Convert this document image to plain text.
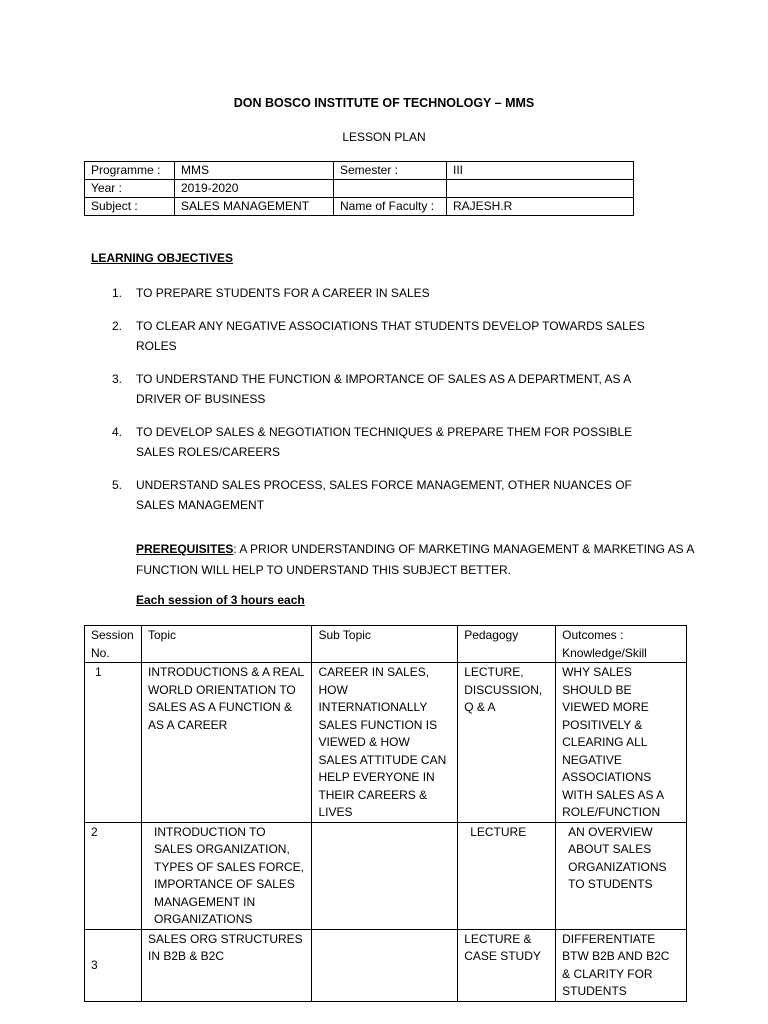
DON BOSCO INSTITUTE OF TECHNOLOGY – MMS
LESSON PLAN
Programme :	MMS	Semester :	III
Year :	2019-2020		
Subject :	SALES MANAGEMENT	Name of Faculty :	RAJESH.R
LEARNING OBJECTIVES
1. TO PREPARE STUDENTS FOR A CAREER IN SALES
2. TO CLEAR ANY NEGATIVE ASSOCIATIONS THAT STUDENTS DEVELOP TOWARDS SALES ROLES
3. TO UNDERSTAND THE FUNCTION & IMPORTANCE OF SALES AS A DEPARTMENT, AS A DRIVER OF BUSINESS
4. TO DEVELOP SALES & NEGOTIATION TECHNIQUES & PREPARE THEM FOR POSSIBLE SALES ROLES/CAREERS
5. UNDERSTAND SALES PROCESS, SALES FORCE MANAGEMENT, OTHER NUANCES OF SALES MANAGEMENT
PREREQUISITES: A PRIOR UNDERSTANDING OF MARKETING MANAGEMENT & MARKETING AS A FUNCTION WILL HELP TO UNDERSTAND THIS SUBJECT BETTER.
Each session of 3 hours each
Session No.	Topic	Sub Topic	Pedagogy	Outcomes : Knowledge/Skill
1	INTRODUCTIONS & A REAL WORLD ORIENTATION TO SALES AS A FUNCTION & AS A CAREER	CAREER IN SALES, HOW INTERNATIONALLY SALES FUNCTION IS VIEWED & HOW SALES ATTITUDE CAN HELP EVERYONE IN THEIR CAREERS & LIVES	LECTURE, DISCUSSION, Q & A	WHY SALES SHOULD BE VIEWED MORE POSITIVELY & CLEARING ALL NEGATIVE ASSOCIATIONS WITH SALES AS A ROLE/FUNCTION
2	INTRODUCTION TO SALES ORGANIZATION, TYPES OF SALES FORCE, IMPORTANCE OF SALES MANAGEMENT IN ORGANIZATIONS		LECTURE	AN OVERVIEW ABOUT SALES ORGANIZATIONS TO STUDENTS
3	SALES ORG STRUCTURES IN B2B & B2C		LECTURE & CASE STUDY	DIFFERENTIATE BTW B2B AND B2C & CLARITY FOR STUDENTS
